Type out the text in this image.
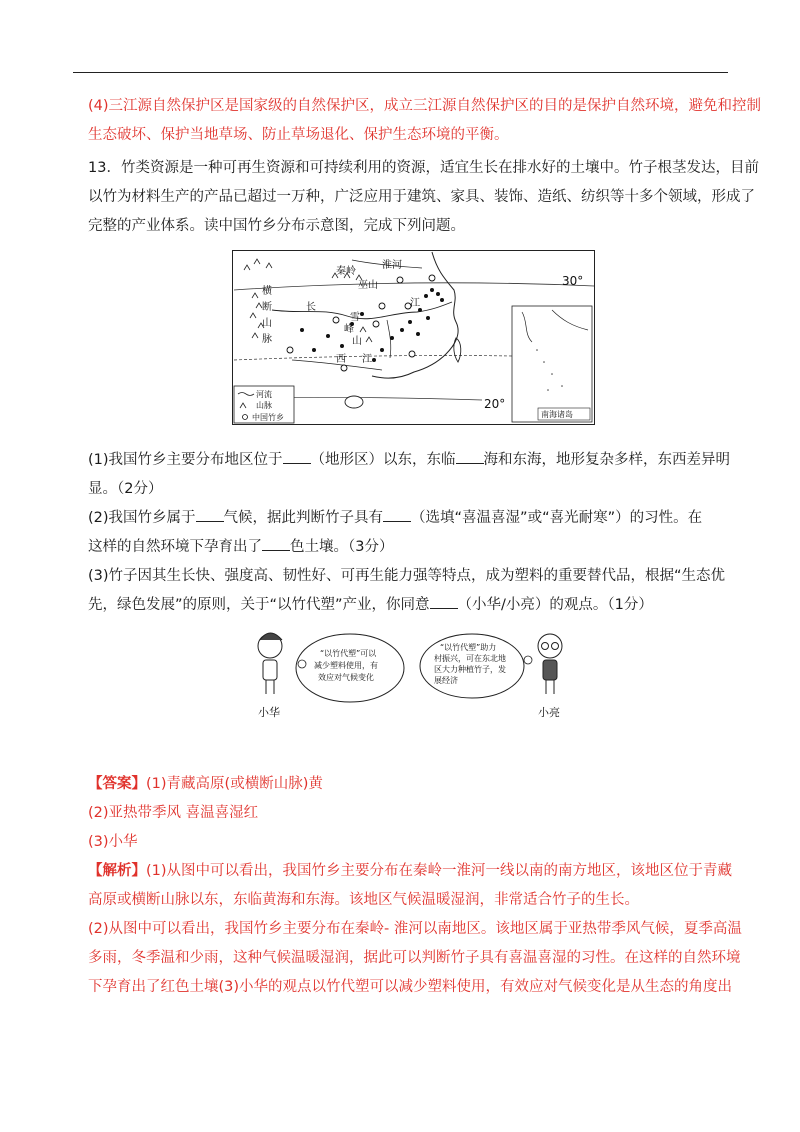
(4)三江源自然保护区是国家级的自然保护区，成立三江源自然保护区的目的是保护自然环境，避免和控制
生态破坏、保护当地草场、防止草场退化、保护生态环境的平衡。
13．竹类资源是一种可再生资源和可持续利用的资源，适宜生长在排水好的土壤中。竹子根茎发达，目前
以竹为材料生产的产品已超过一万种，广泛应用于建筑、家具、装饰、造纸、纺织等十多个领域，形成了
完整的产业体系。读中国竹乡分布示意图，完成下列问题。
秦岭
淮河
巫山
横
断
山
脉
长	江
雪
峰
山
西 江
30°
20°
河流
山脉
中国竹乡	南海诸岛
(1)我国竹乡主要分布地区位于 （地形区）以东，东临 海和东海，地形复杂多样，东西差异明
显。（2分）
(2)我国竹乡属于 气候，据此判断竹子具有 （选填“喜温喜湿”或“喜光耐寒”）的习性。在
这样的自然环境下孕育出了 色土壤。（3分）
(3)竹子因其生长快、强度高、韧性好、可再生能力强等特点，成为塑料的重要替代品，根据“生态优
先，绿色发展”的原则，关于“以竹代塑”产业，你同意 （小华/小亮）的观点。（1分）
“以竹代塑”可以
减少塑料使用，有
效应对气候变化
“以竹代塑”助力
村振兴，可在东北地
区大力种植竹子，发
展经济
小华	小亮
【答案】(1)青藏高原(或横断山脉)黄
(2)亚热带季风 喜温喜湿红
(3)小华
【解析】(1)从图中可以看出，我国竹乡主要分布在秦岭一淮河一线以南的南方地区，该地区位于青藏
高原或横断山脉以东，东临黄海和东海。该地区气候温暖湿润，非常适合竹子的生长。
(2)从图中可以看出，我国竹乡主要分布在秦岭- 淮河以南地区。该地区属于亚热带季风气候，夏季高温
多雨，冬季温和少雨，这种气候温暖湿润，据此可以判断竹子具有喜温喜湿的习性。在这样的自然环境
下孕育出了红色土壤(3)小华的观点以竹代塑可以减少塑料使用，有效应对气候变化是从生态的角度出
